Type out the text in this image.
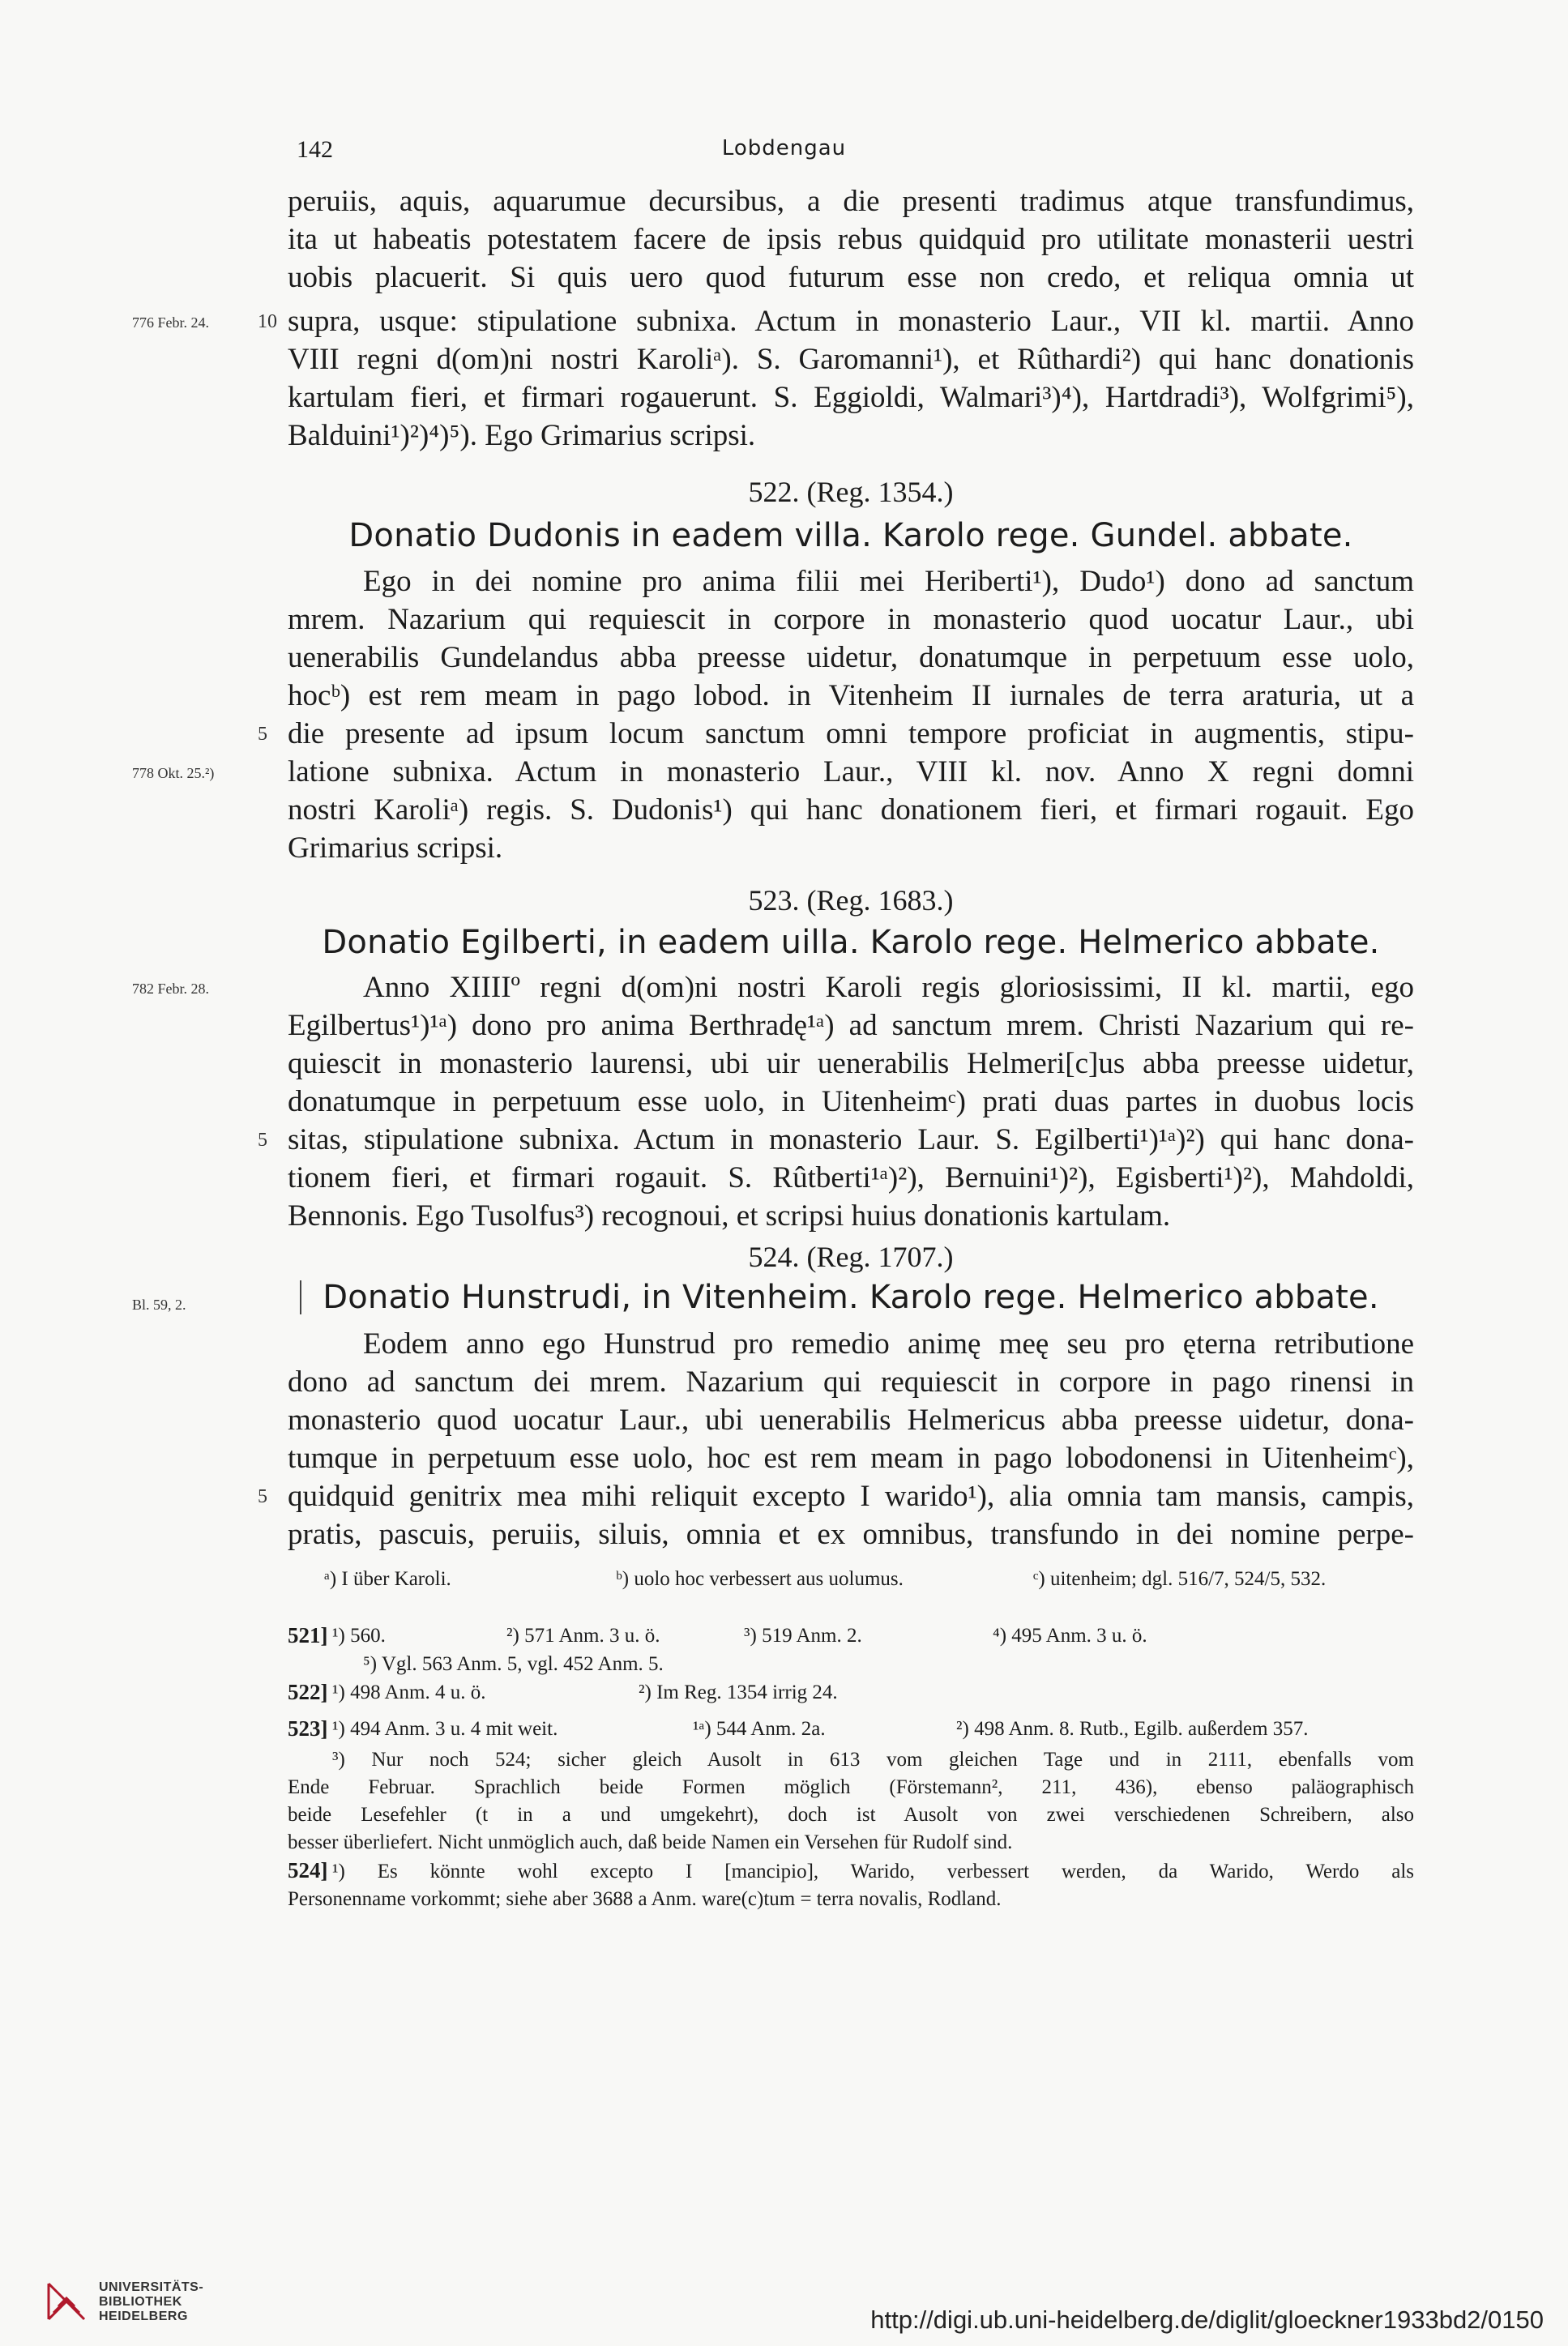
142	Lobdengau
peruiis, aquis, aquarumue decursibus, a die presenti tradimus atque transfundimus,
ita ut habeatis potestatem facere de ipsis rebus quidquid pro utilitate monasterii uestri
uobis placuerit. Si quis uero quod futurum esse non credo, et reliqua omnia ut
776 Febr. 24. 10 supra, usque: stipulatione subnixa. Actum in monasterio Laur., VII kl. martii. Anno
VIII regni d(om)ni nostri Karoliᵃ). S. Garomanni¹), et Rûthardi²) qui hanc donationis
kartulam fieri, et firmari rogauerunt. S. Eggioldi, Walmari³)⁴), Hartdradi³), Wolfgrimi⁵),
Balduini¹)²)⁴)⁵). Ego Grimarius scripsi.
522. (Reg. 1354.)
Donatio Dudonis in eadem villa. Karolo rege. Gundel. abbate.
Ego in dei nomine pro anima filii mei Heriberti¹), Dudo¹) dono ad sanctum
mrem. Nazarium qui requiescit in corpore in monasterio quod uocatur Laur., ubi
uenerabilis Gundelandus abba preesse uidetur, donatumque in perpetuum esse uolo,
hocᵇ) est rem meam in pago lobod. in Vitenheim II iurnales de terra araturia, ut a
5 die presente ad ipsum locum sanctum omni tempore proficiat in augmentis, stipu-
778 Okt. 25.²) latione subnixa. Actum in monasterio Laur., VIII kl. nov. Anno X regni domni
nostri Karoliᵃ) regis. S. Dudonis¹) qui hanc donationem fieri, et firmari rogauit. Ego
Grimarius scripsi.
523. (Reg. 1683.)
Donatio Egilberti, in eadem uilla. Karolo rege. Helmerico abbate.
782 Febr. 28.	Anno XIIIIº regni d(om)ni nostri Karoli regis gloriosissimi, II kl. martii, ego
Egilbertus¹)¹ᵃ) dono pro anima Berthradę¹ᵃ) ad sanctum mrem. Christi Nazarium qui re-
quiescit in monasterio laurensi, ubi uir uenerabilis Helmeri[c]us abba preesse uidetur,
donatumque in perpetuum esse uolo, in Uitenheimᶜ) prati duas partes in duobus locis
5 sitas, stipulatione subnixa. Actum in monasterio Laur. S. Egilberti¹)¹ᵃ)²) qui hanc dona-
tionem fieri, et firmari rogauit. S. Rûtberti¹ᵃ)²), Bernuini¹)²), Egisberti¹)²), Mahdoldi,
Bennonis. Ego Tusolfus³) recognoui, et scripsi huius donationis kartulam.
524. (Reg. 1707.)
Bl. 59, 2.	Donatio Hunstrudi, in Vitenheim. Karolo rege. Helmerico abbate.
Eodem anno ego Hunstrud pro remedio animę meę seu pro ęterna retributione
dono ad sanctum dei mrem. Nazarium qui requiescit in corpore in pago rinensi in
monasterio quod uocatur Laur., ubi uenerabilis Helmericus abba preesse uidetur, dona-
tumque in perpetuum esse uolo, hoc est rem meam in pago lobodonensi in Uitenheimᶜ),
5 quidquid genitrix mea mihi reliquit excepto I warido¹), alia omnia tam mansis, campis,
pratis, pascuis, peruiis, siluis, omnia et ex omnibus, transfundo in dei nomine perpe-
ᵃ) I über Karoli.	ᵇ) uolo hoc verbessert aus uolumus.	ᶜ) uitenheim; dgl. 516/7, 524/5, 532.
521] ¹) 560.	²) 571 Anm. 3 u. ö.	³) 519 Anm. 2.	⁴) 495 Anm. 3 u. ö.
⁵) Vgl. 563 Anm. 5, vgl. 452 Anm. 5.
522] ¹) 498 Anm. 4 u. ö.	²) Im Reg. 1354 irrig 24.
523] ¹) 494 Anm. 3 u. 4 mit weit.	¹ᵃ) 544 Anm. 2a.	²) 498 Anm. 8. Rutb., Egilb. außerdem 357.
³) Nur noch 524; sicher gleich Ausolt in 613 vom gleichen Tage und in 2111, ebenfalls vom
Ende Februar. Sprachlich beide Formen möglich (Förstemann², 211, 436), ebenso paläographisch
beide Lesefehler (t in a und umgekehrt), doch ist Ausolt von zwei verschiedenen Schreibern, also
besser überliefert. Nicht unmöglich auch, daß beide Namen ein Versehen für Rudolf sind.
524] ¹) Es könnte wohl excepto I [mancipio], Warido, verbessert werden, da Warido, Werdo als
Personenname vorkommt; siehe aber 3688 a Anm. ware(c)tum = terra novalis, Rodland.
UNIVERSITÄTS-
BIBLIOTHEK
HEIDELBERG	http://digi.ub.uni-heidelberg.de/diglit/gloeckner1933bd2/0150
